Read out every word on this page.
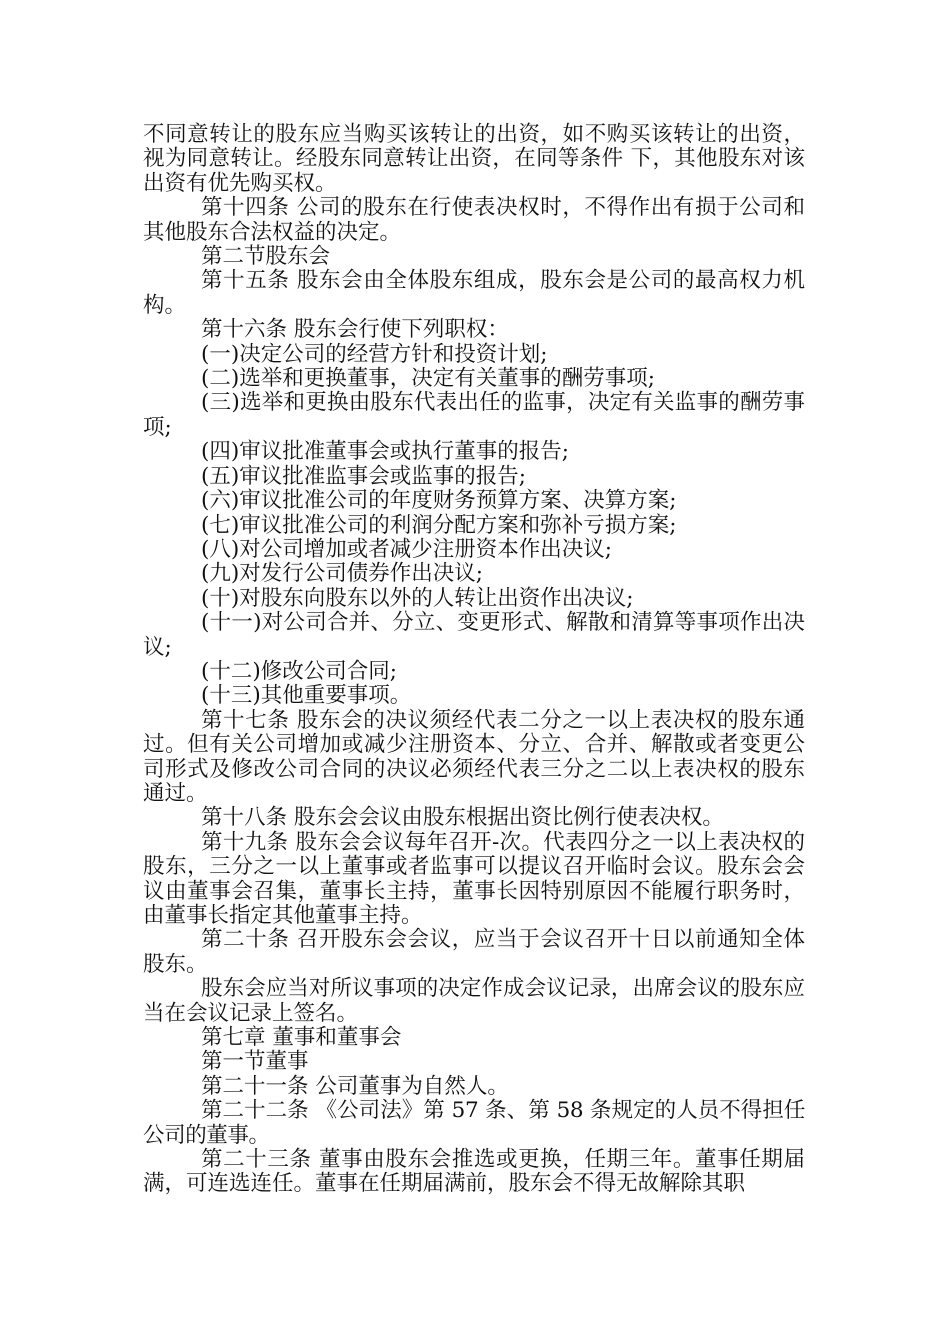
不同意转让的股东应当购买该转让的出资，如不购买该转让的出资，视为同意转让。经股东同意转让出资，在同等条件 下，其他股东对该出资有优先购买权。

第十四条 公司的股东在行使表决权时，不得作出有损于公司和其他股东合法权益的决定。

第二节股东会

第十五条 股东会由全体股东组成，股东会是公司的最高权力机构。

第十六条 股东会行使下列职权：

(一)决定公司的经营方针和投资计划;

(二)选举和更换董事，决定有关董事的酬劳事项;

(三)选举和更换由股东代表出任的监事，决定有关监事的酬劳事项;

(四)审议批准董事会或执行董事的报告;

(五)审议批准监事会或监事的报告;

(六)审议批准公司的年度财务预算方案、决算方案;

(七)审议批准公司的利润分配方案和弥补亏损方案;

(八)对公司增加或者减少注册资本作出决议;

(九)对发行公司债券作出决议;

(十)对股东向股东以外的人转让出资作出决议;

(十一)对公司合并、分立、变更形式、解散和清算等事项作出决议;

(十二)修改公司合同;

(十三)其他重要事项。

第十七条 股东会的决议须经代表二分之一以上表决权的股东通过。但有关公司增加或减少注册资本、分立、合并、解散或者变更公司形式及修改公司合同的决议必须经代表三分之二以上表决权的股东通过。

第十八条 股东会会议由股东根据出资比例行使表决权。

第十九条 股东会会议每年召开-次。代表四分之一以上表决权的股东，三分之一以上董事或者监事可以提议召开临时会议。股东会会议由董事会召集，董事长主持，董事长因特别原因不能履行职务时，由董事长指定其他董事主持。

第二十条 召开股东会会议，应当于会议召开十日以前通知全体股东。

股东会应当对所议事项的决定作成会议记录，出席会议的股东应当在会议记录上签名。

第七章 董事和董事会

第一节董事

第二十一条 公司董事为自然人。

第二十二条 《公司法》第 57 条、第 58 条规定的人员不得担任公司的董事。

第二十三条 董事由股东会推选或更换，任期三年。董事任期届满，可连选连任。董事在任期届满前，股东会不得无故解除其职
